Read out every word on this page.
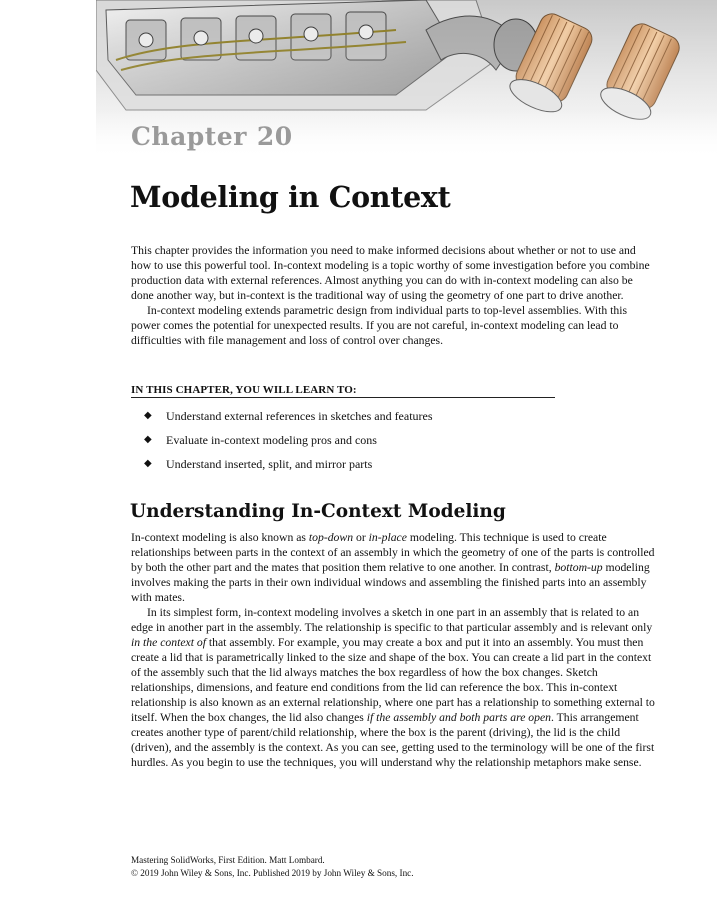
Chapter 20
Modeling in Context

This chapter provides the information you need to make informed decisions about whether or not to use and how to use this powerful tool. In-context modeling is a topic worthy of some investigation before you combine production data with external references. Almost anything you can do with in-context modeling can also be done another way, but in-context is the traditional way of using the geometry of one part to drive another.

In-context modeling extends parametric design from individual parts to top-level assemblies. With this power comes the potential for unexpected results. If you are not careful, in-context modeling can lead to difficulties with file management and loss of control over changes.

IN THIS CHAPTER, YOU WILL LEARN TO:
◆	Understand external references in sketches and features
◆	Evaluate in-context modeling pros and cons
◆	Understand inserted, split, and mirror parts
Understanding In-Context Modeling

In-context modeling is also known as top-down or in-place modeling. This technique is used to create relationships between parts in the context of an assembly in which the geometry of one of the parts is controlled by both the other part and the mates that position them relative to one another. In contrast, bottom-up modeling involves making the parts in their own individual windows and assembling the finished parts into an assembly with mates.

In its simplest form, in-context modeling involves a sketch in one part in an assembly that is related to an edge in another part in the assembly. The relationship is specific to that particular assembly and is relevant only in the context of that assembly. For example, you may create a box and put it into an assembly. You must then create a lid that is parametrically linked to the size and shape of the box. You can create a lid part in the context of the assembly such that the lid always matches the box regardless of how the box changes. Sketch relationships, dimensions, and feature end conditions from the lid can reference the box. This in-context relationship is also known as an external relationship, where one part has a relationship to something external to itself. When the box changes, the lid also changes if the assembly and both parts are open. This arrangement creates another type of parent/child relationship, where the box is the parent (driving), the lid is the child (driven), and the assembly is the context. As you can see, getting used to the terminology will be one of the first hurdles. As you begin to use the techniques, you will understand why the relationship metaphors make sense.

Mastering SolidWorks, First Edition. Matt Lombard.
© 2019 John Wiley & Sons, Inc. Published 2019 by John Wiley & Sons, Inc.
